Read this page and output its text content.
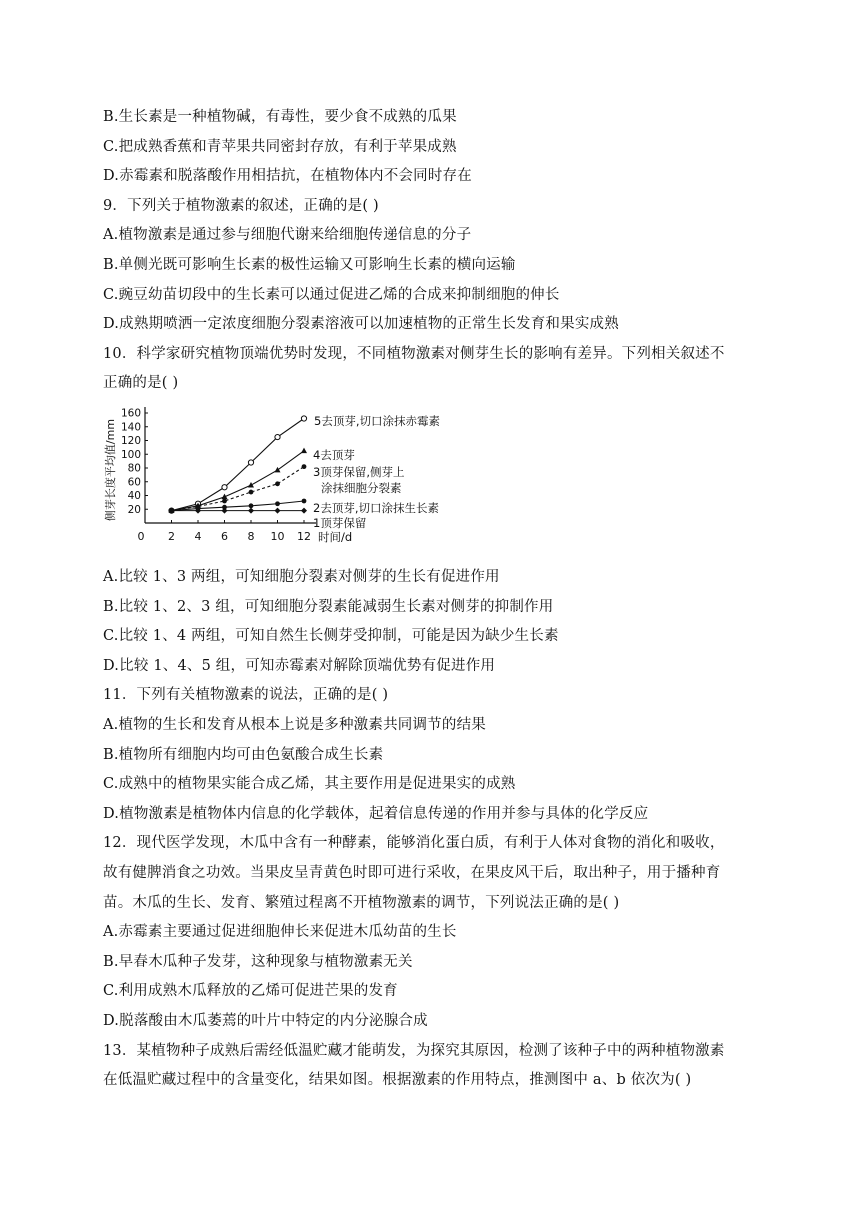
B.生长素是一种植物碱，有毒性，要少食不成熟的瓜果
C.把成熟香蕉和青苹果共同密封存放，有利于苹果成熟
D.赤霉素和脱落酸作用相拮抗，在植物体内不会同时存在
9．下列关于植物激素的叙述，正确的是( )
A.植物激素是通过参与细胞代谢来给细胞传递信息的分子
B.单侧光既可影响生长素的极性运输又可影响生长素的横向运输
C.豌豆幼苗切段中的生长素可以通过促进乙烯的合成来抑制细胞的伸长
D.成熟期喷洒一定浓度细胞分裂素溶液可以加速植物的正常生长发育和果实成熟
10．科学家研究植物顶端优势时发现，不同植物激素对侧芽生长的影响有差异。下列相关叙述不
正确的是( )
0 2 4 6 8 10 12
20
40
60
80
100
120
140
160
时间/d
侧芽长度平均值/mm	5去顶芽,切口涂抹赤霉素
4去顶芽
3顶芽保留,侧芽上
涂抹细胞分裂素
2去顶芽,切口涂抹生长素
1顶芽保留
A.比较 1、3 两组，可知细胞分裂素对侧芽的生长有促进作用
B.比较 1、2、3 组，可知细胞分裂素能减弱生长素对侧芽的抑制作用
C.比较 1、4 两组，可知自然生长侧芽受抑制，可能是因为缺少生长素
D.比较 1、4、5 组，可知赤霉素对解除顶端优势有促进作用
11．下列有关植物激素的说法，正确的是( )
A.植物的生长和发育从根本上说是多种激素共同调节的结果
B.植物所有细胞内均可由色氨酸合成生长素
C.成熟中的植物果实能合成乙烯，其主要作用是促进果实的成熟
D.植物激素是植物体内信息的化学载体，起着信息传递的作用并参与具体的化学反应
12．现代医学发现，木瓜中含有一种酵素，能够消化蛋白质，有利于人体对食物的消化和吸收，
故有健脾消食之功效。当果皮呈青黄色时即可进行采收，在果皮风干后，取出种子，用于播种育
苗。木瓜的生长、发育、繁殖过程离不开植物激素的调节，下列说法正确的是( )
A.赤霉素主要通过促进细胞伸长来促进木瓜幼苗的生长
B.早春木瓜种子发芽，这种现象与植物激素无关
C.利用成熟木瓜释放的乙烯可促进芒果的发育
D.脱落酸由木瓜萎蔫的叶片中特定的内分泌腺合成
13．某植物种子成熟后需经低温贮藏才能萌发，为探究其原因，检测了该种子中的两种植物激素
在低温贮藏过程中的含量变化，结果如图。根据激素的作用特点，推测图中 a、b 依次为( )
